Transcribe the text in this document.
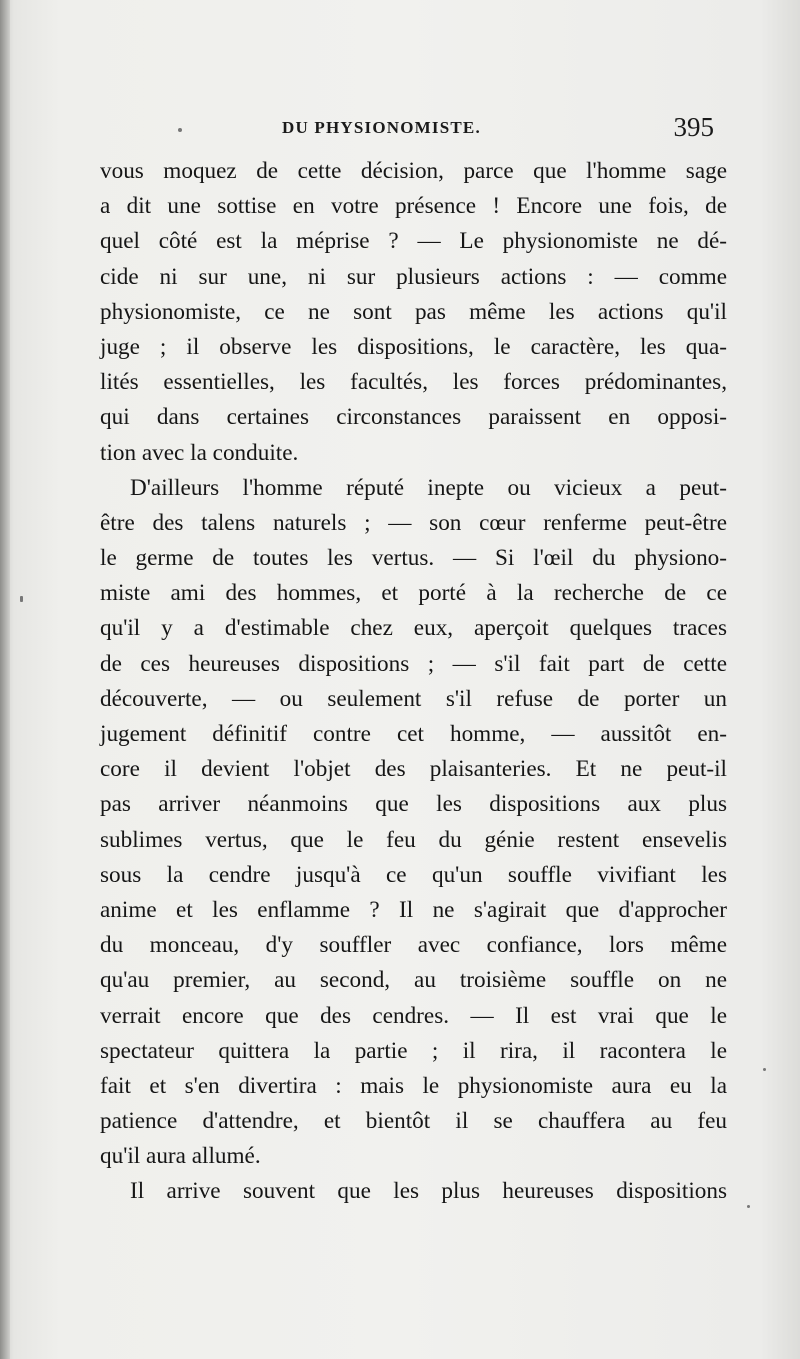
DU PHYSIONOMISTE.	395
vous moquez de cette décision, parce que l'homme sage
a dit une sottise en votre présence ! Encore une fois, de
quel côté est la méprise ? — Le physionomiste ne dé-
cide ni sur une, ni sur plusieurs actions : — comme
physionomiste, ce ne sont pas même les actions qu'il
juge ; il observe les dispositions, le caractère, les qua-
lités essentielles, les facultés, les forces prédominantes,
qui dans certaines circonstances paraissent en opposi-
tion avec la conduite.
D'ailleurs l'homme réputé inepte ou vicieux a peut-
être des talens naturels ; — son cœur renferme peut-être
le germe de toutes les vertus. — Si l'œil du physiono-
miste ami des hommes, et porté à la recherche de ce
qu'il y a d'estimable chez eux, aperçoit quelques traces
de ces heureuses dispositions ; — s'il fait part de cette
découverte, — ou seulement s'il refuse de porter un
jugement définitif contre cet homme, — aussitôt en-
core il devient l'objet des plaisanteries. Et ne peut-il
pas arriver néanmoins que les dispositions aux plus
sublimes vertus, que le feu du génie restent ensevelis
sous la cendre jusqu'à ce qu'un souffle vivifiant les
anime et les enflamme ? Il ne s'agirait que d'approcher
du monceau, d'y souffler avec confiance, lors même
qu'au premier, au second, au troisième souffle on ne
verrait encore que des cendres. — Il est vrai que le
spectateur quittera la partie ; il rira, il racontera le
fait et s'en divertira : mais le physionomiste aura eu la
patience d'attendre, et bientôt il se chauffera au feu
qu'il aura allumé.
Il arrive souvent que les plus heureuses dispositions
